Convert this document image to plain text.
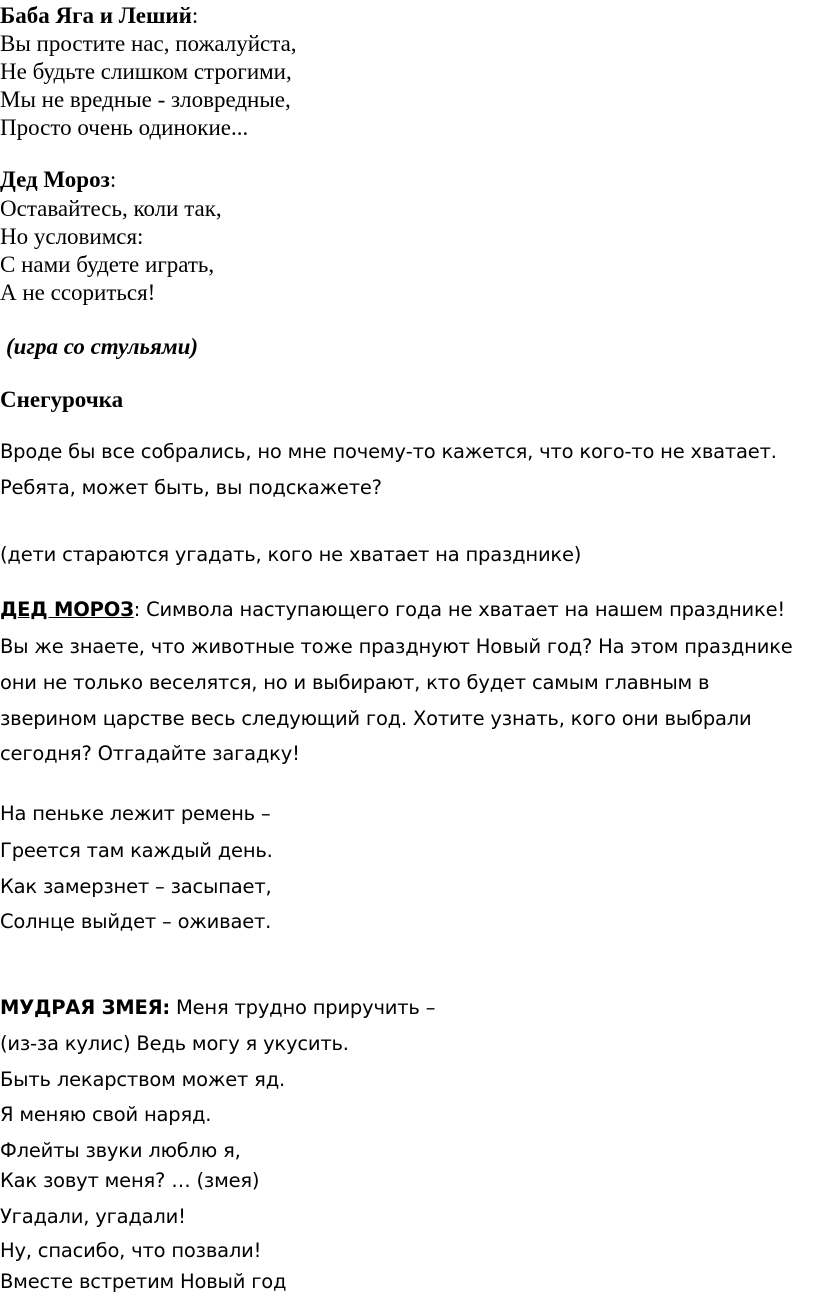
Баба Яга и Леший:
Вы простите нас, пожалуйста,
Не будьте слишком строгими,
Мы не вредные - зловредные,
Просто очень одинокие...
Дед Мороз:
Оставайтесь, коли так,
Но условимся:
С нами будете играть,
А не ссориться!
(игра со стульями)
Снегурочка
Вроде бы все собрались, но мне почему-то кажется, что кого-то не хватает.
Ребята, может быть, вы подскажете?
(дети стараются угадать, кого не хватает на празднике)
ДЕД МОРОЗ: Символа наступающего года не хватает на нашем празднике!
Вы же знаете, что животные тоже празднуют Новый год? На этом празднике
они не только веселятся, но и выбирают, кто будет самым главным в
зверином царстве весь следующий год. Хотите узнать, кого они выбрали
сегодня? Отгадайте загадку!
На пеньке лежит ремень –
Греется там каждый день.
Как замерзнет – засыпает,
Солнце выйдет – оживает.
МУДРАЯ ЗМЕЯ: Меня трудно приручить –
(из-за кулис) Ведь могу я укусить.
Быть лекарством может яд.
Я меняю свой наряд.
Флейты звуки люблю я,
Как зовут меня? … (змея)
Угадали, угадали!
Ну, спасибо, что позвали!
Вместе встретим Новый год
